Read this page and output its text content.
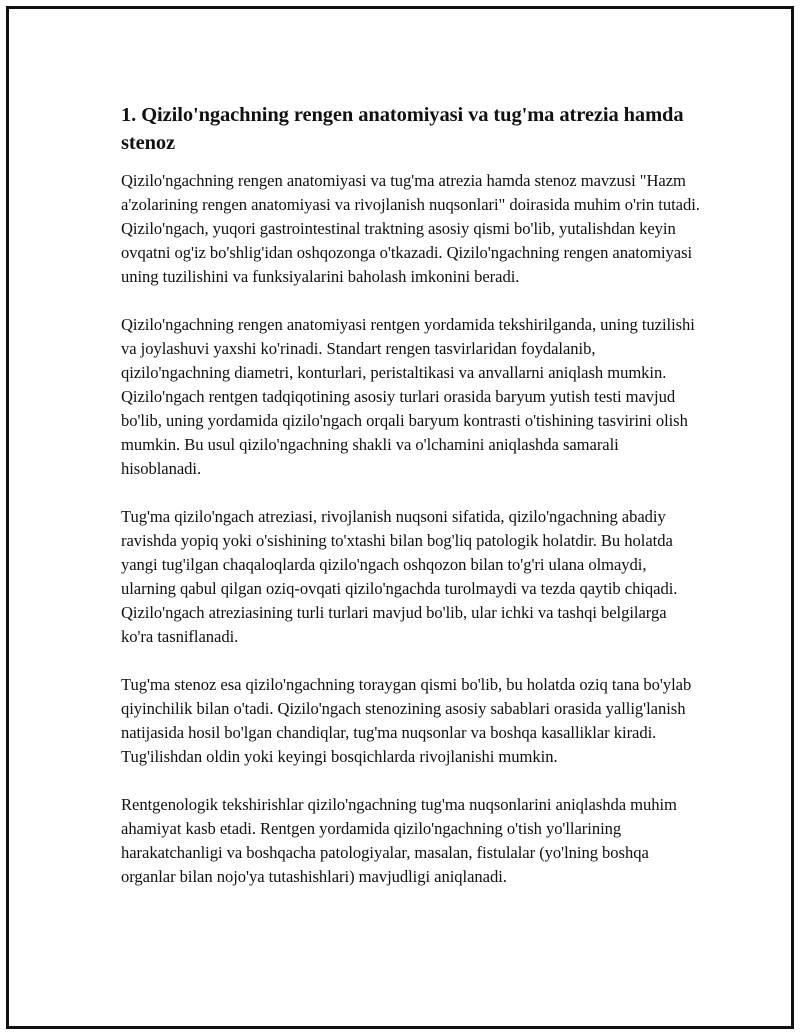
1. Qizilo'ngachning rengen anatomiyasi va tug'ma atrezia hamda stenoz

Qizilo'ngachning rengen anatomiyasi va tug'ma atrezia hamda stenoz mavzusi "Hazm a'zolarining rengen anatomiyasi va rivojlanish nuqsonlari" doirasida muhim o'rin tutadi. Qizilo'ngach, yuqori gastrointestinal traktning asosiy qismi bo'lib, yutalishdan keyin ovqatni og'iz bo'shlig'idan oshqozonga o'tkazadi. Qizilo'ngachning rengen anatomiyasi uning tuzilishini va funksiyalarini baholash imkonini beradi.

Qizilo'ngachning rengen anatomiyasi rentgen yordamida tekshirilganda, uning tuzilishi va joylashuvi yaxshi ko'rinadi. Standart rengen tasvirlaridan foydalanib, qizilo'ngachning diametri, konturlari, peristaltikasi va anvallarni aniqlash mumkin. Qizilo'ngach rentgen tadqiqotining asosiy turlari orasida baryum yutish testi mavjud bo'lib, uning yordamida qizilo'ngach orqali baryum kontrasti o'tishining tasvirini olish mumkin. Bu usul qizilo'ngachning shakli va o'lchamini aniqlashda samarali hisoblanadi.

Tug'ma qizilo'ngach atreziasi, rivojlanish nuqsoni sifatida, qizilo'ngachning abadiy ravishda yopiq yoki o'sishining to'xtashi bilan bog'liq patologik holatdir. Bu holatda yangi tug'ilgan chaqaloqlarda qizilo'ngach oshqozon bilan to'g'ri ulana olmaydi, ularning qabul qilgan oziq-ovqati qizilo'ngachda turolmaydi va tezda qaytib chiqadi. Qizilo'ngach atreziasining turli turlari mavjud bo'lib, ular ichki va tashqi belgilarga ko'ra tasniflanadi.

Tug'ma stenoz esa qizilo'ngachning toraygan qismi bo'lib, bu holatda oziq tana bo'ylab qiyinchilik bilan o'tadi. Qizilo'ngach stenozining asosiy sabablari orasida yallig'lanish natijasida hosil bo'lgan chandiqlar, tug'ma nuqsonlar va boshqa kasalliklar kiradi. Tug'ilishdan oldin yoki keyingi bosqichlarda rivojlanishi mumkin.

Rentgenologik tekshirishlar qizilo'ngachning tug'ma nuqsonlarini aniqlashda muhim ahamiyat kasb etadi. Rentgen yordamida qizilo'ngachning o'tish yo'llarining harakatchanligi va boshqacha patologiyalar, masalan, fistulalar (yo'lning boshqa organlar bilan nojo'ya tutashishlari) mavjudligi aniqlanadi.
